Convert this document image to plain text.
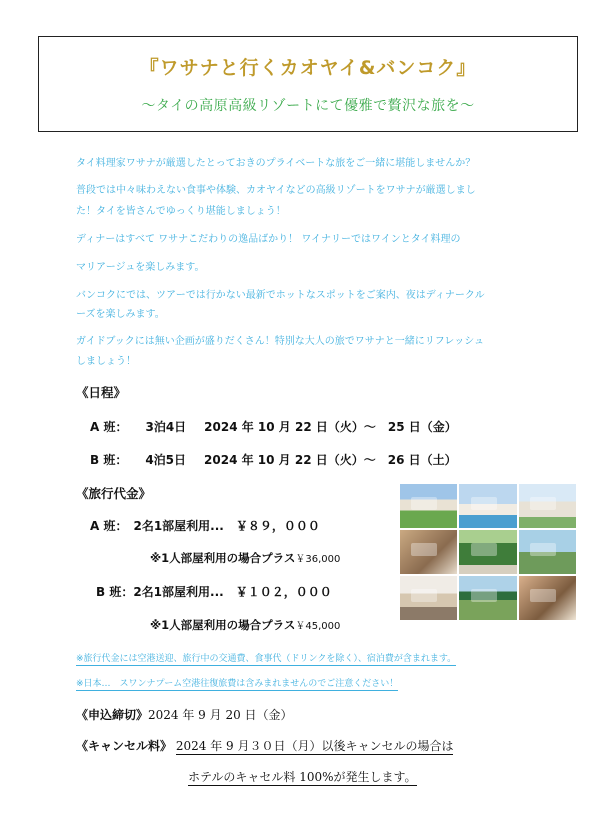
『ワサナと行くカオヤイ&バンコク』
～タイの高原高級リゾートにて優雅で贅沢な旅を～

タイ料理家ワサナが厳選したとっておきのプライベートな旅をご一緒に堪能しませんか？

普段では中々味わえない食事や体験、カオヤイなどの高級リゾートをワサナが厳選しまし

た！タイを皆さんでゆっくり堪能しましょう！

ディナーはすべて ワサナこだわりの逸品ばかり！ ワイナリーではワインとタイ料理の

マリアージュを楽しみます。

バンコクにでは、ツアーでは行かない最新でホットなスポットをご案内、夜はディナークル

ーズを楽しみます。

ガイドブックには無い企画が盛りだくさん！特別な大人の旅でワサナと一緒にリフレッシュ

しましょう！

《日程》
A 班： 3泊4日 2024 年 10 月 22 日（火）～　25 日（金）
B 班： 4泊5日 2024 年 10 月 22 日（火）～　26 日（土）
《旅行代金》
A 班：　2名1部屋利用...　￥８９，０００
※1人部屋利用の場合プラス￥36,000
B 班：2名1部屋利用...　￥１０２，０００
※1人部屋利用の場合プラス￥45,000
※旅行代金には空港送迎、旅行中の交通費、食事代（ドリンクを除く）、宿泊費が含まれます。
※日本…　スワンナプーム空港往復旅費は含みまれませんのでご注意ください！
《申込締切》2024 年 9 月 20 日（金）
《キャンセル料》 2024 年 9 月３０日（月）以後キャンセルの場合は
ホテルのキャセル料 100%が発生します。
